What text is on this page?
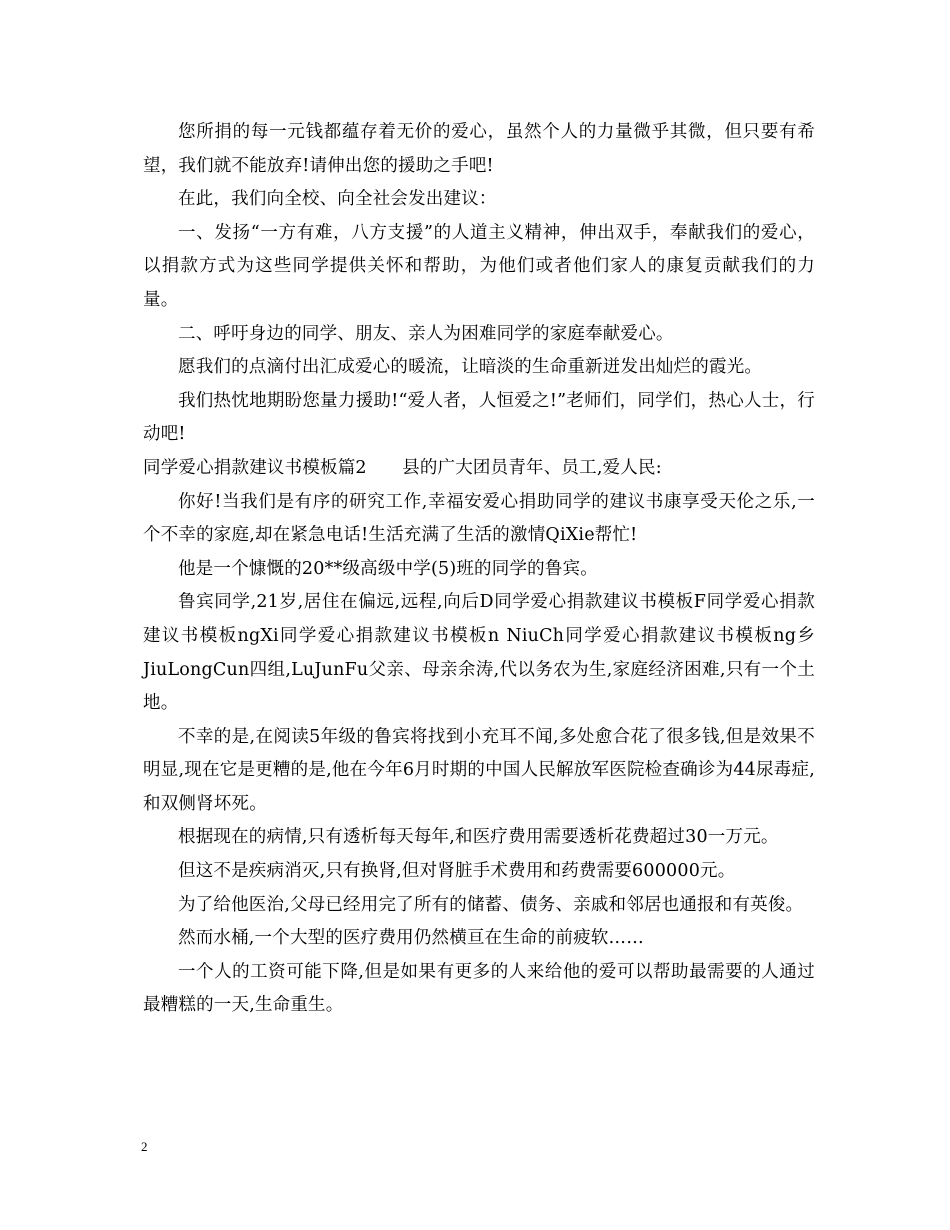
您所捐的每一元钱都蕴存着无价的爱心，虽然个人的力量微乎其微，但只要有希望，我们就不能放弃!请伸出您的援助之手吧!

在此，我们向全校、向全社会发出建议：

一、发扬“一方有难，八方支援”的人道主义精神，伸出双手，奉献我们的爱心，以捐款方式为这些同学提供关怀和帮助，为他们或者他们家人的康复贡献我们的力量。

二、呼吁身边的同学、朋友、亲人为困难同学的家庭奉献爱心。

愿我们的点滴付出汇成爱心的暖流，让暗淡的生命重新迸发出灿烂的霞光。

我们热忱地期盼您量力援助!“爱人者，人恒爱之!”老师们，同学们，热心人士，行动吧!

同学爱心捐款建议书模板篇2　　县的广大团员青年、员工,爱人民:

你好!当我们是有序的研究工作,幸福安爱心捐助同学的建议书康享受天伦之乐,一个不幸的家庭,却在紧急电话!生活充满了生活的激情QiXie帮忙!

他是一个慷慨的20**级高级中学(5)班的同学的鲁宾。

鲁宾同学,21岁,居住在偏远,远程,向后D同学爱心捐款建议书模板F同学爱心捐款建议书模板ngXi同学爱心捐款建议书模板n NiuCh同学爱心捐款建议书模板ng乡JiuLongCun四组,LuJunFu父亲、母亲余涛,代以务农为生,家庭经济困难,只有一个土地。

不幸的是,在阅读5年级的鲁宾将找到小充耳不闻,多处愈合花了很多钱,但是效果不明显,现在它是更糟的是,他在今年6月时期的中国人民解放军医院检查确诊为44尿毒症,和双侧肾坏死。

根据现在的病情,只有透析每天每年,和医疗费用需要透析花费超过30一万元。

但这不是疾病消灭,只有换肾,但对肾脏手术费用和药费需要600000元。

为了给他医治,父母已经用完了所有的储蓄、债务、亲戚和邻居也通报和有英俊。

然而水桶,一个大型的医疗费用仍然横亘在生命的前疲软……

一个人的工资可能下降,但是如果有更多的人来给他的爱可以帮助最需要的人通过最糟糕的一天,生命重生。

2
